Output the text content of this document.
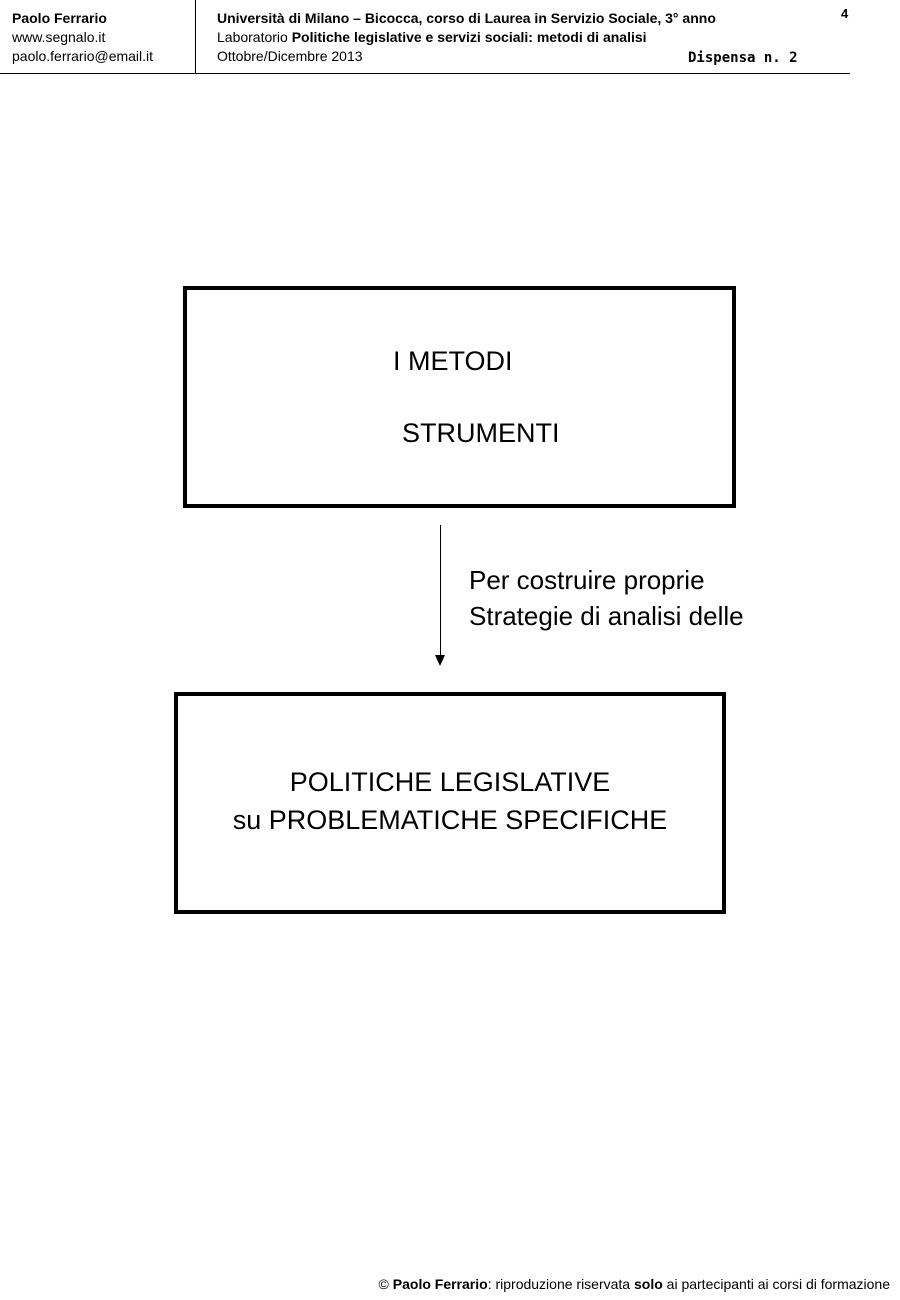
Paolo Ferrario
www.segnalo.it
paolo.ferrario@email.it
Università di Milano – Bicocca, corso di Laurea in Servizio Sociale, 3° anno
Laboratorio Politiche legislative e servizi sociali: metodi di analisi
Ottobre/Dicembre 2013	Dispensa n. 2
4
I METODI
STRUMENTI
Per costruire proprie
Strategie di analisi delle
POLITICHE LEGISLATIVE
su PROBLEMATICHE SPECIFICHE
© Paolo Ferrario: riproduzione riservata solo ai partecipanti ai corsi di formazione
